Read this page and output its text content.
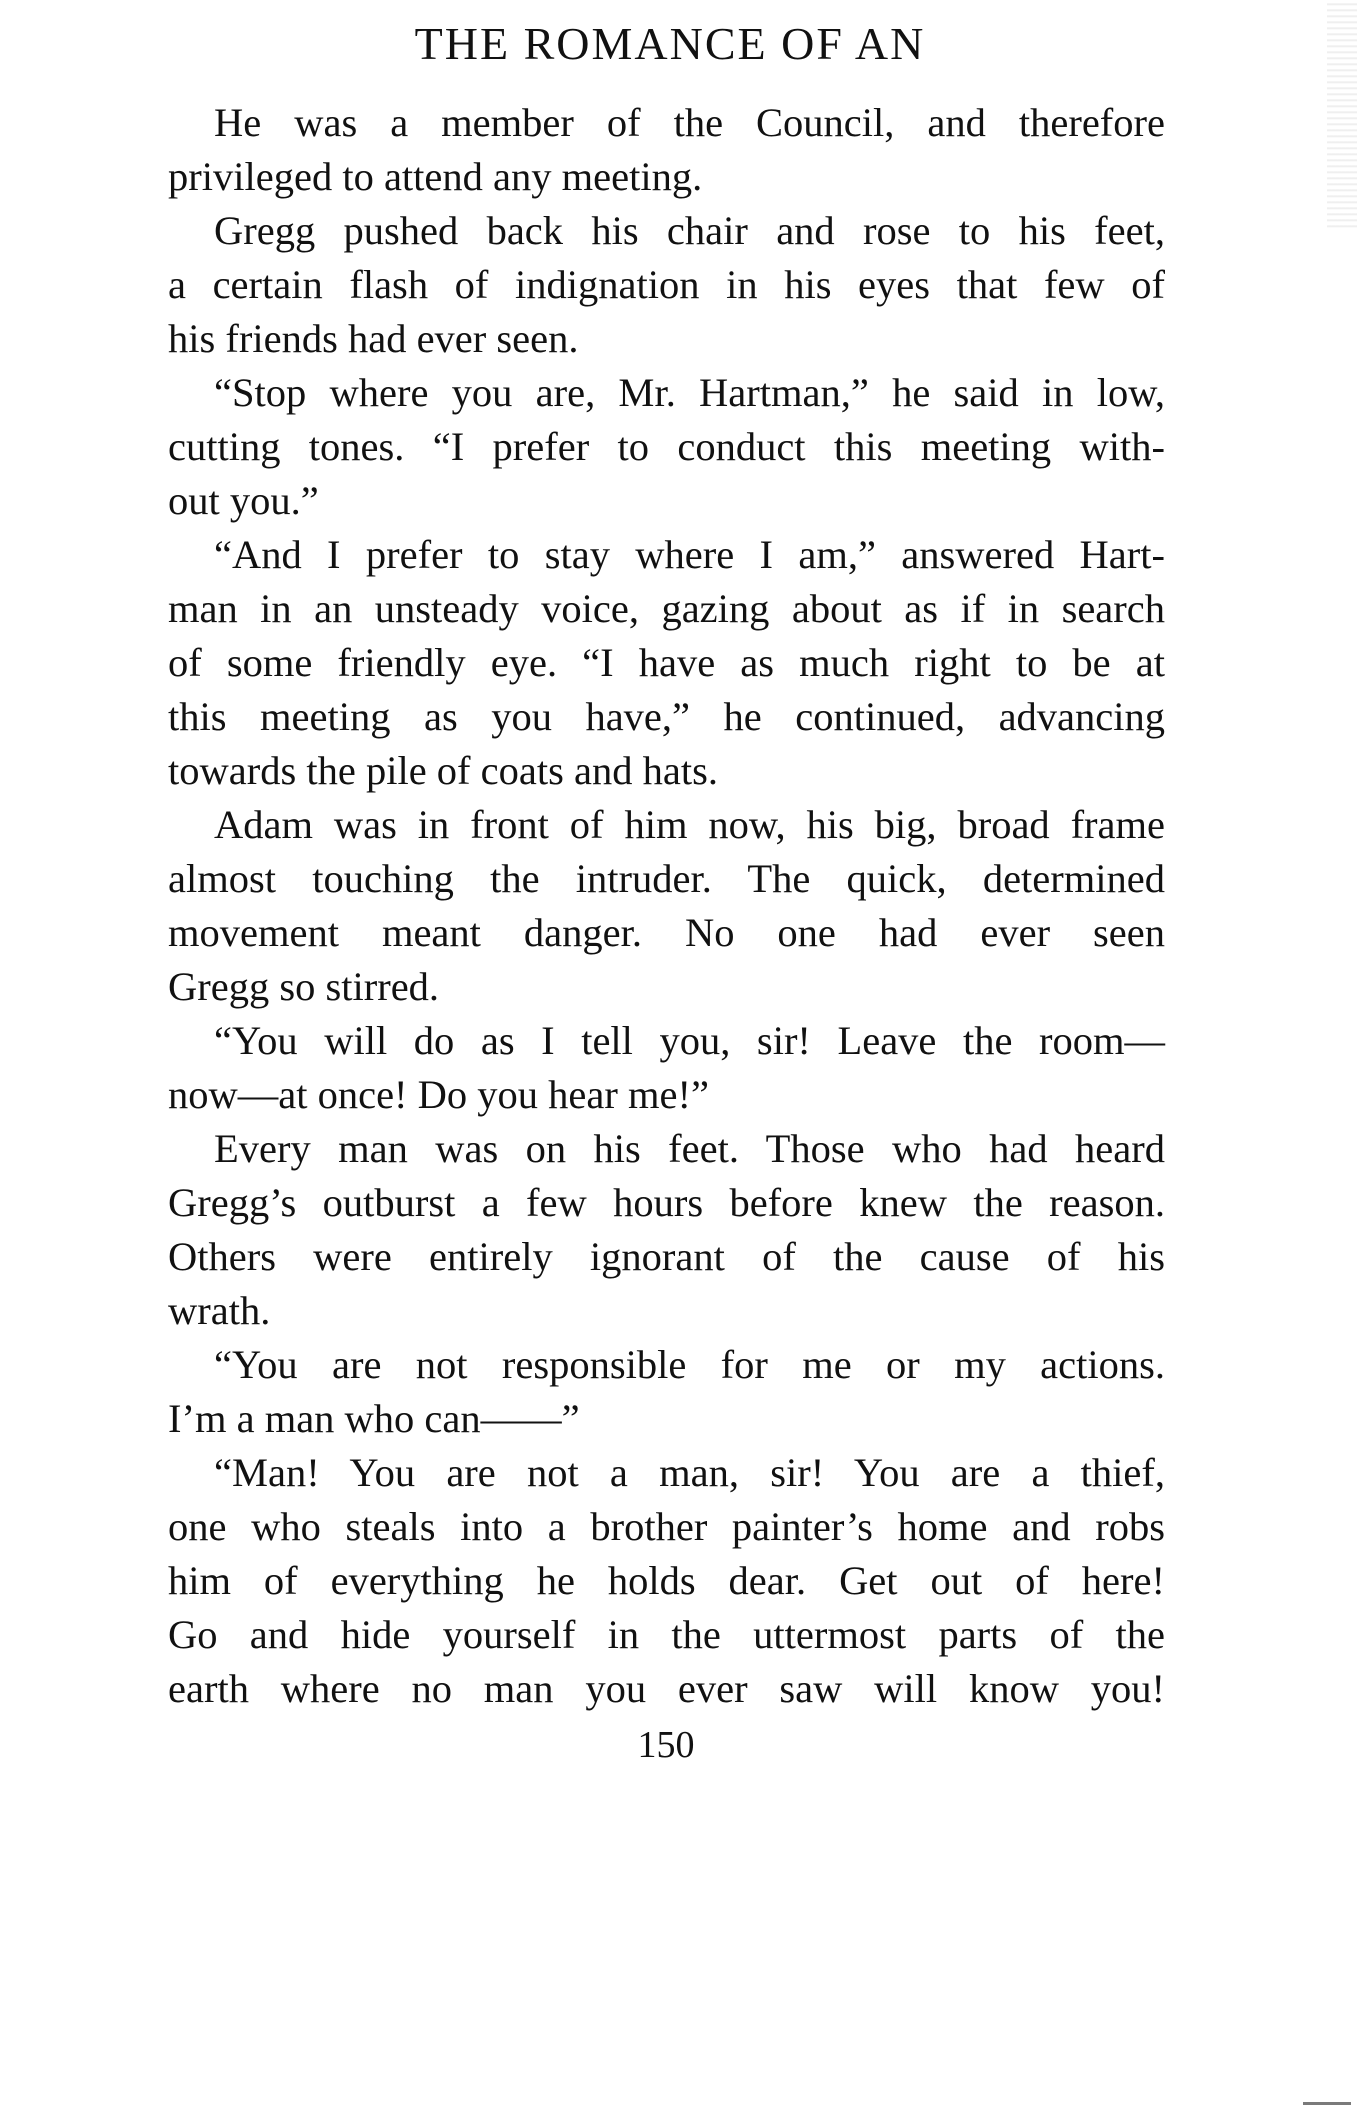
THE ROMANCE OF AN
He was a member of the Council, and therefore
privileged to attend any meeting.
Gregg pushed back his chair and rose to his feet,
a certain flash of indignation in his eyes that few of
his friends had ever seen.
“Stop where you are, Mr. Hartman,” he said in low,
cutting tones. “I prefer to conduct this meeting with-
out you.”
“And I prefer to stay where I am,” answered Hart-
man in an unsteady voice, gazing about as if in search
of some friendly eye. “I have as much right to be at
this meeting as you have,” he continued, advancing
towards the pile of coats and hats.
Adam was in front of him now, his big, broad frame
almost touching the intruder. The quick, determined
movement meant danger. No one had ever seen
Gregg so stirred.
“You will do as I tell you, sir! Leave the room—
now—at once! Do you hear me!”
Every man was on his feet. Those who had heard
Gregg’s outburst a few hours before knew the reason.
Others were entirely ignorant of the cause of his
wrath.
“You are not responsible for me or my actions.
I’m a man who can——”
“Man! You are not a man, sir! You are a thief,
one who steals into a brother painter’s home and robs
him of everything he holds dear. Get out of here!
Go and hide yourself in the uttermost parts of the
earth where no man you ever saw will know you!
150
